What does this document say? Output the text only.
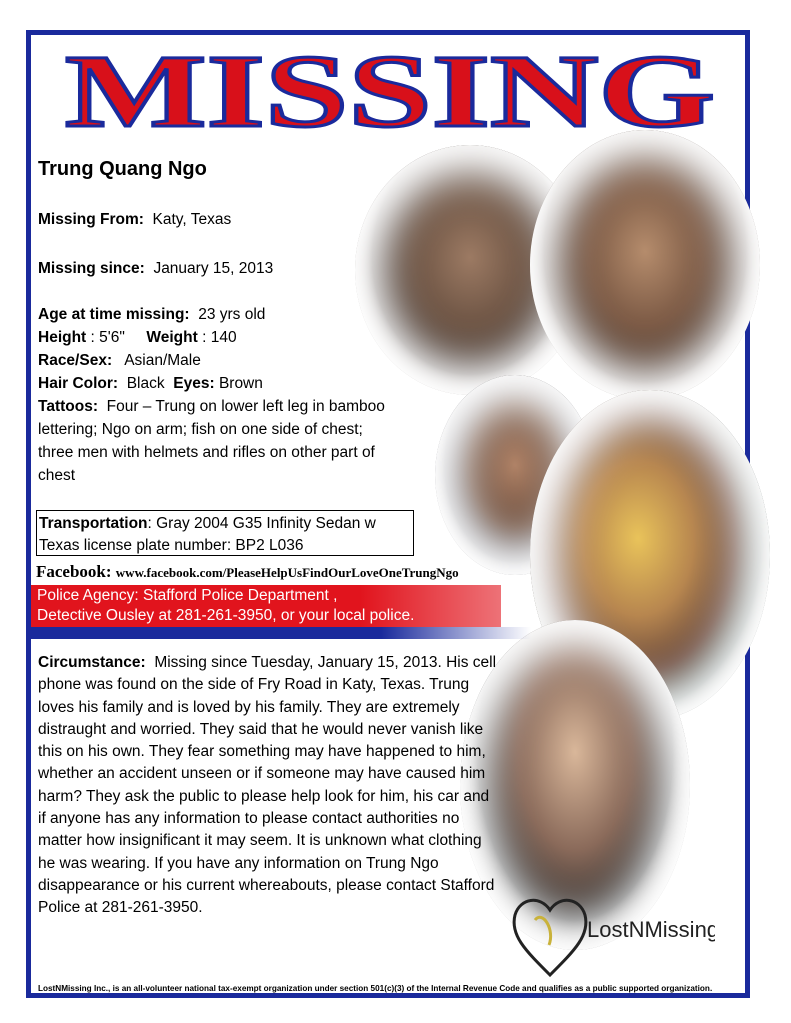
MISSING
Trung Quang Ngo
Missing From: Katy, Texas
Missing since: January 15, 2013
Age at time missing: 23 yrs old
Height : 5'6" Weight : 140
Race/Sex: Asian/Male
Hair Color: Black Eyes: Brown
Tattoos: Four – Trung on lower left leg in bamboo lettering; Ngo on arm; fish on one side of chest; three men with helmets and rifles on other part of chest
Transportation: Gray 2004 G35 Infinity Sedan w Texas license plate number: BP2 L036
Facebook: www.facebook.com/PleaseHelpUsFindOurLoveOneTrungNgo
Police Agency: Stafford Police Department ,
Detective Ousley at 281-261-3950, or your local police.
Circumstance: Missing since Tuesday, January 15, 2013. His cell phone was found on the side of Fry Road in Katy, Texas. Trung loves his family and is loved by his family. They are extremely distraught and worried. They said that he would never vanish like this on his own. They fear something may have happened to him, whether an accident unseen or if someone may have caused him harm? They ask the public to please help look for him, his car and if anyone has any information to please contact authorities no matter how insignificant it may seem. It is unknown what clothing he was wearing. If you have any information on Trung Ngo disappearance or his current whereabouts, please contact Stafford Police at 281-261-3950.
LostNMissing
LostNMissing Inc., is an all-volunteer national tax-exempt organization under section 501(c)(3) of the Internal Revenue Code and qualifies as a public supported organization.
